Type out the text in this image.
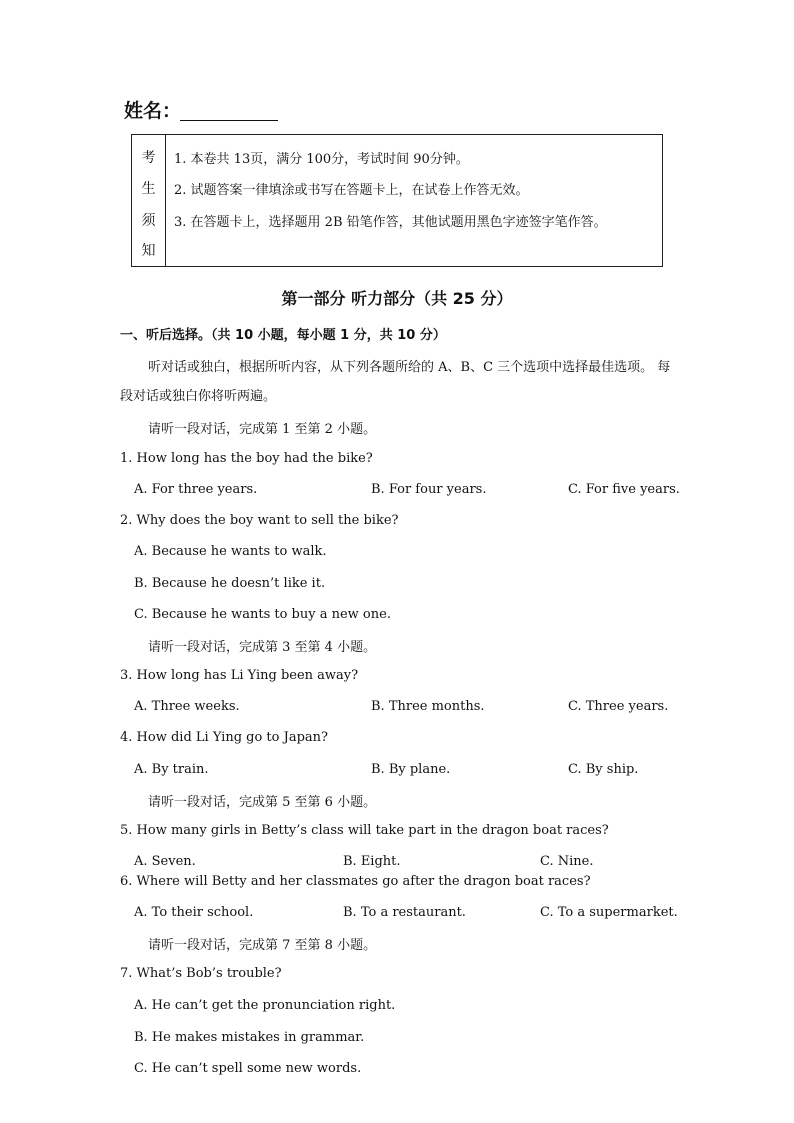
姓名：
考
生
须
知
1. 本卷共 13页，满分 100分，考试时间 90分钟。
2. 试题答案一律填涂或书写在答题卡上，在试卷上作答无效。
3. 在答题卡上，选择题用 2B 铅笔作答，其他试题用黑色字迹签字笔作答。
第一部分 听力部分（共 25 分）
一、听后选择。（共 10 小题，每小题 1 分，共 10 分）
听对话或独白，根据所听内容，从下列各题所给的 A、B、C 三个选项中选择最佳选项。 每
段对话或独白你将听两遍。
请听一段对话，完成第 1 至第 2 小题。
1. How long has the boy had the bike?
A. For three years.	B. For four years.	C. For five years.
2. Why does the boy want to sell the bike?
A. Because he wants to walk.
B. Because he doesn’t like it.
C. Because he wants to buy a new one.
请听一段对话，完成第 3 至第 4 小题。
3. How long has Li Ying been away?
A. Three weeks.	B. Three months.	C. Three years.
4. How did Li Ying go to Japan?
A. By train.	B. By plane.	C. By ship.
请听一段对话，完成第 5 至第 6 小题。
5. How many girls in Betty’s class will take part in the dragon boat races?
A. Seven.	B. Eight.	C. Nine.
6. Where will Betty and her classmates go after the dragon boat races?
A. To their school.	B. To a restaurant.	C. To a supermarket.
请听一段对话，完成第 7 至第 8 小题。
7. What’s Bob’s trouble?
A. He can’t get the pronunciation right.
B. He makes mistakes in grammar.
C. He can’t spell some new words.
